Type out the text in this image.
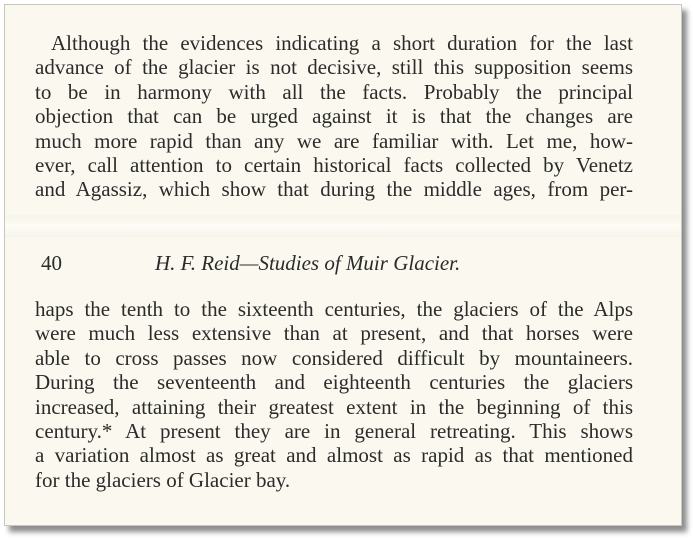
Although the evidences indicating a short duration for the last
advance of the glacier is not decisive, still this supposition seems
to be in harmony with all the facts. Probably the principal
objection that can be urged against it is that the changes are
much more rapid than any we are familiar with. Let me, how-
ever, call attention to certain historical facts collected by Venetz
and Agassiz, which show that during the middle ages, from per-

40	H. F. Reid—Studies of Muir Glacier.

haps the tenth to the sixteenth centuries, the glaciers of the Alps
were much less extensive than at present, and that horses were
able to cross passes now considered difficult by mountaineers.
During the seventeenth and eighteenth centuries the glaciers
increased, attaining their greatest extent in the beginning of this
century.* At present they are in general retreating. This shows
a variation almost as great and almost as rapid as that mentioned
for the glaciers of Glacier bay.
